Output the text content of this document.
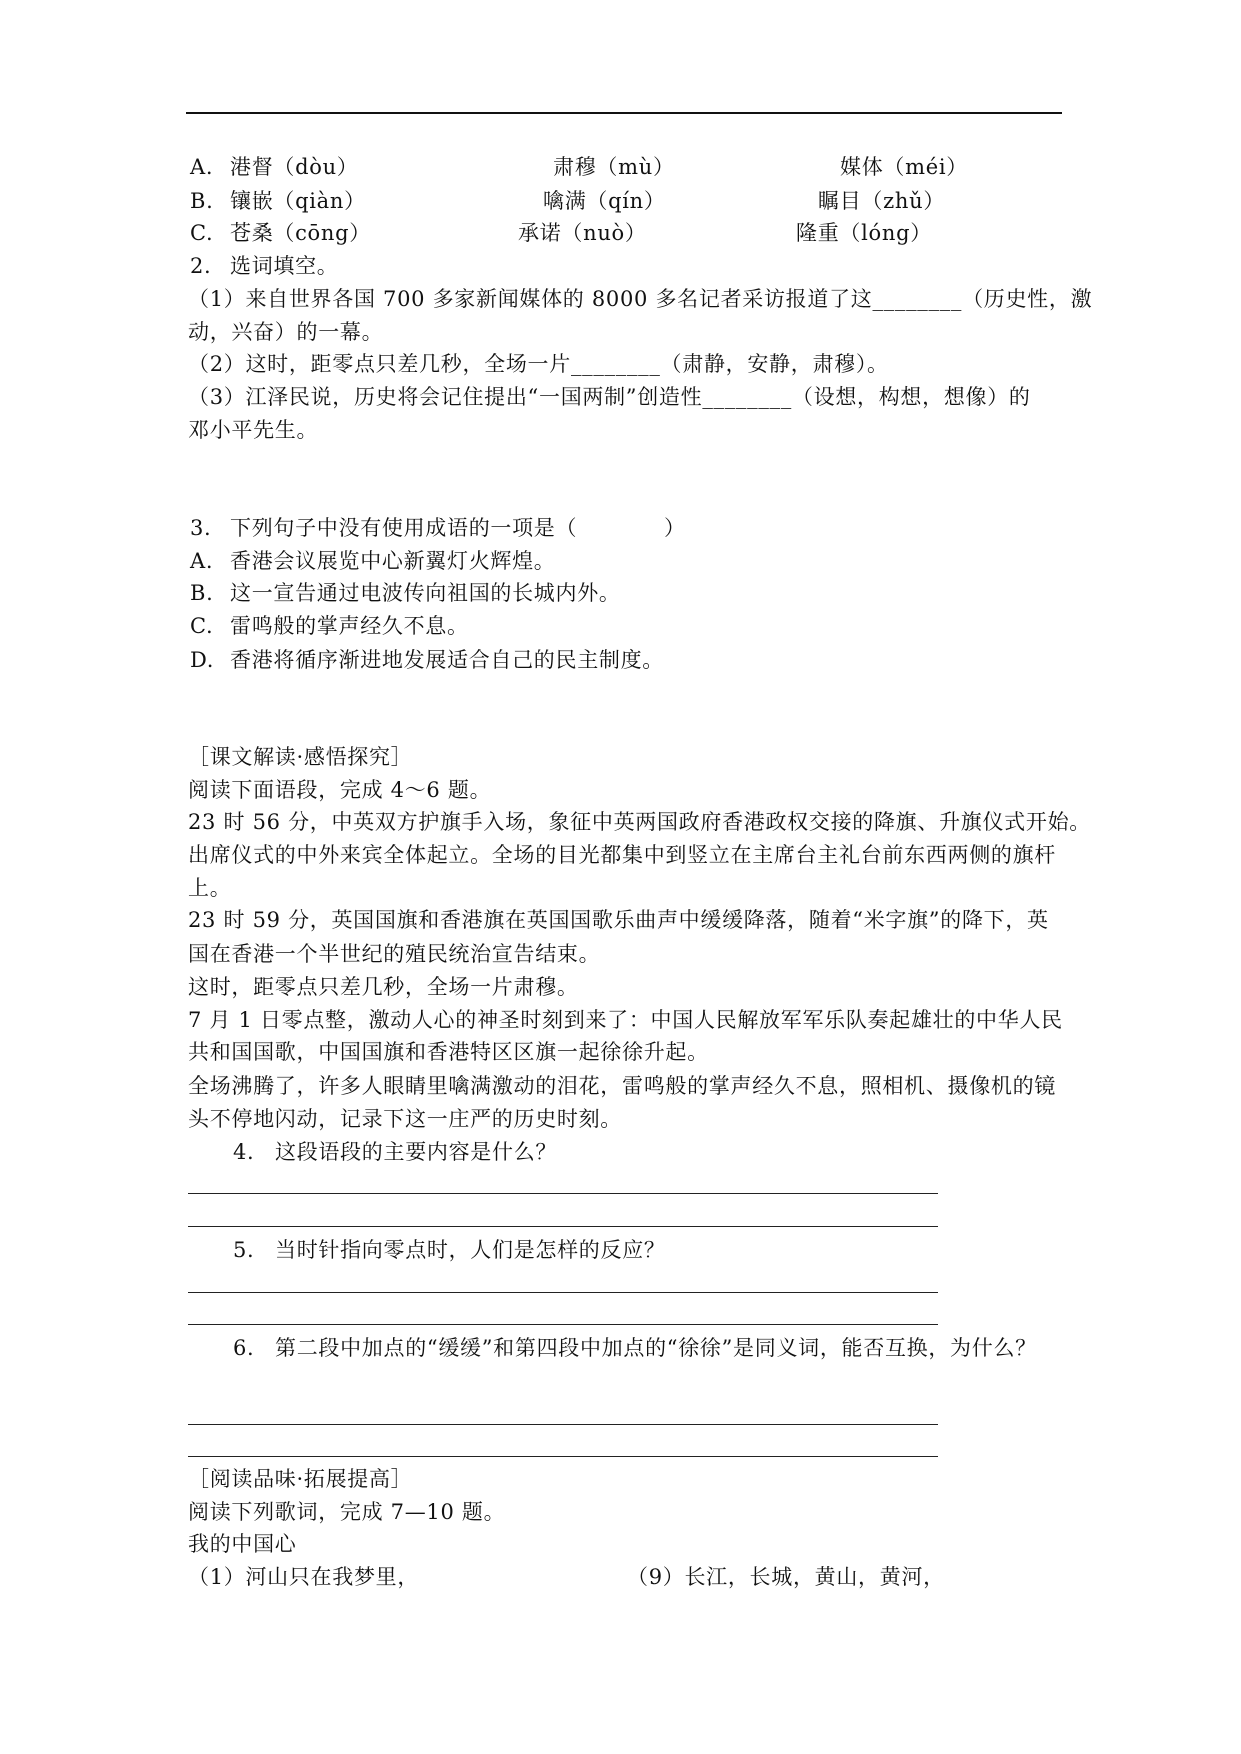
A. 港督（dòu）	肃穆（mù）	媒体（méi）
B. 镶嵌（qiàn）	噙满（qín）	瞩目（zhǔ）
C. 苍桑（cōng）	承诺（nuò）	隆重（lóng）
2. 选词填空。
（1）来自世界各国 700 多家新闻媒体的 8000 多名记者采访报道了这________（历史性，激
动，兴奋）的一幕。
（2）这时，距零点只差几秒，全场一片________（肃静，安静，肃穆）。
（3）江泽民说，历史将会记住提出“一国两制”创造性________（设想，构想，想像）的
邓小平先生。
3. 下列句子中没有使用成语的一项是（　　　　）
A. 香港会议展览中心新翼灯火辉煌。
B. 这一宣告通过电波传向祖国的长城内外。
C. 雷鸣般的掌声经久不息。
D. 香港将循序渐进地发展适合自己的民主制度。
［课文解读·感悟探究］
阅读下面语段，完成 4～6 题。
23 时 56 分，中英双方护旗手入场，象征中英两国政府香港政权交接的降旗、升旗仪式开始。
出席仪式的中外来宾全体起立。全场的目光都集中到竖立在主席台主礼台前东西两侧的旗杆
上。
23 时 59 分，英国国旗和香港旗在英国国歌乐曲声中缓缓降落，随着“米字旗”的降下，英
国在香港一个半世纪的殖民统治宣告结束。
这时，距零点只差几秒，全场一片肃穆。
7 月 1 日零点整，激动人心的神圣时刻到来了：中国人民解放军军乐队奏起雄壮的中华人民
共和国国歌，中国国旗和香港特区区旗一起徐徐升起。
全场沸腾了，许多人眼睛里噙满激动的泪花，雷鸣般的掌声经久不息，照相机、摄像机的镜
头不停地闪动，记录下这一庄严的历史时刻。
4. 这段语段的主要内容是什么？
5. 当时针指向零点时，人们是怎样的反应？
6. 第二段中加点的“缓缓”和第四段中加点的“徐徐”是同义词，能否互换，为什么？
［阅读品味·拓展提高］
阅读下列歌词，完成 7—10 题。
我的中国心
（1）河山只在我梦里，	（9）长江，长城，黄山，黄河，
